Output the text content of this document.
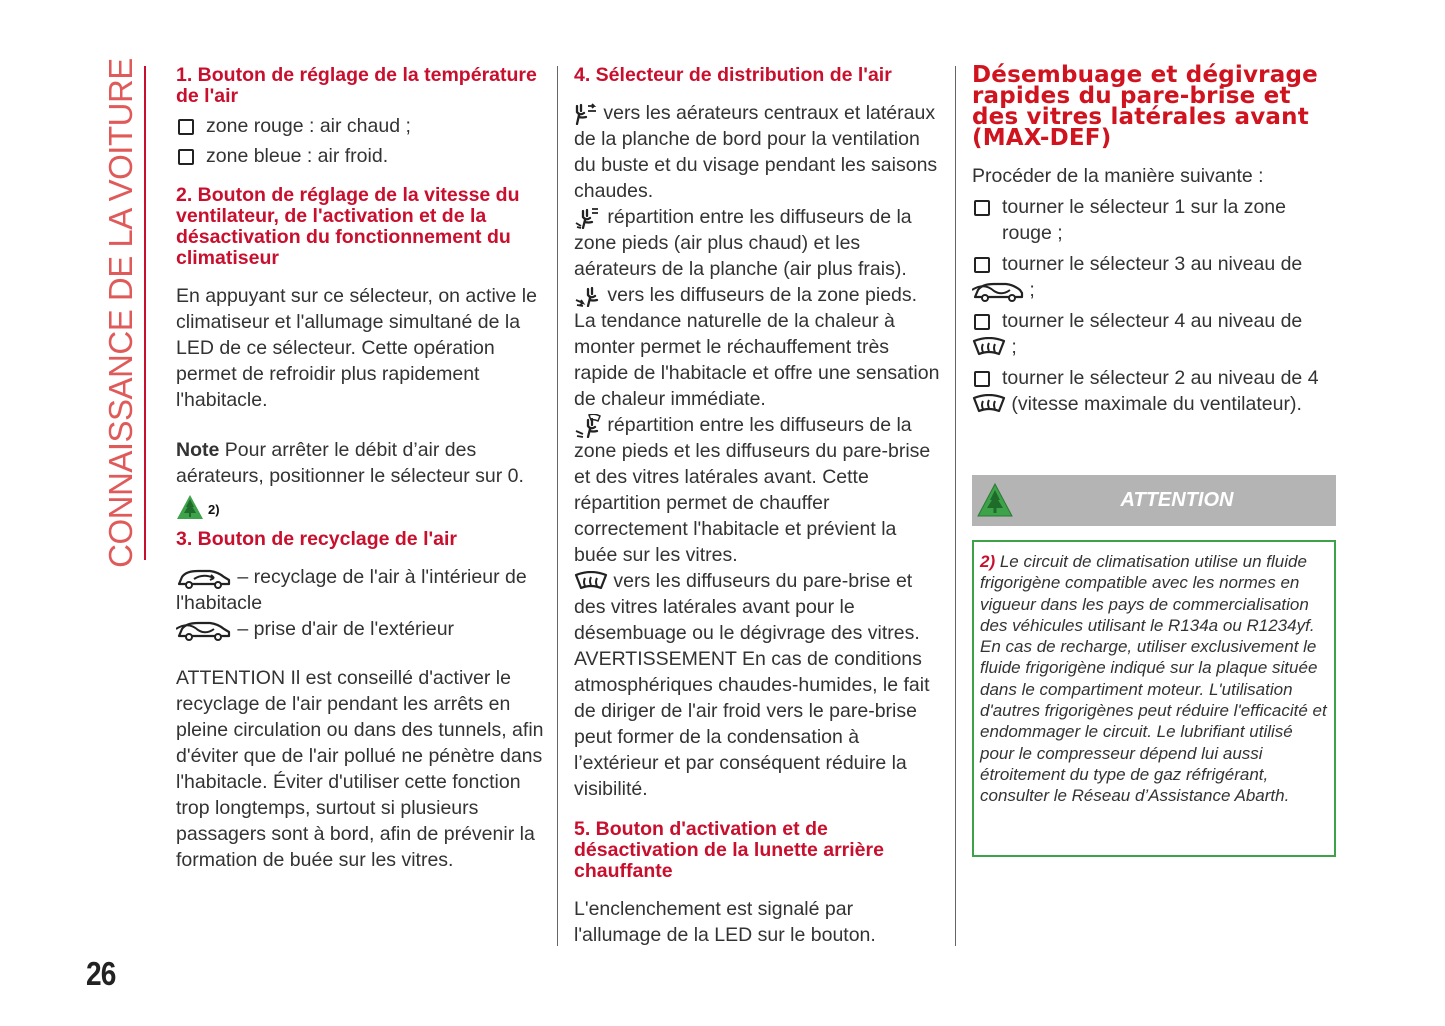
CONNAISSANCE DE LA VOITURE
26
1. Bouton de réglage de la température de l'air
zone rouge : air chaud ;
zone bleue : air froid.
2. Bouton de réglage de la vitesse du ventilateur, de l'activation et de la désactivation du fonctionnement du climatiseur

En appuyant sur ce sélecteur, on active le climatiseur et l'allumage simultané de la LED de ce sélecteur. Cette opération permet de refroidir plus rapidement l'habitacle.

Note Pour arrêter le débit d’air des aérateurs, positionner le sélecteur sur 0.

2)
3. Bouton de recyclage de l'air

– recyclage de l'air à l'intérieur de l'habitacle

– prise d'air de l'extérieur

ATTENTION Il est conseillé d'activer le recyclage de l'air pendant les arrêts en pleine circulation ou dans des tunnels, afin d'éviter que de l'air pollué ne pénètre dans l'habitacle. Éviter d'utiliser cette fonction trop longtemps, surtout si plusieurs passagers sont à bord, afin de prévenir la formation de buée sur les vitres.

4. Sélecteur de distribution de l'air

vers les aérateurs centraux et latéraux de la planche de bord pour la ventilation du buste et du visage pendant les saisons chaudes.

répartition entre les diffuseurs de la zone pieds (air plus chaud) et les aérateurs de la planche (air plus frais).

vers les diffuseurs de la zone pieds. La tendance naturelle de la chaleur à monter permet le réchauffement très rapide de l'habitacle et offre une sensation de chaleur immédiate.

répartition entre les diffuseurs de la zone pieds et les diffuseurs du pare-brise et des vitres latérales avant. Cette répartition permet de chauffer correctement l'habitacle et prévient la buée sur les vitres.

vers les diffuseurs du pare-brise et des vitres latérales avant pour le désembuage ou le dégivrage des vitres.

AVERTISSEMENT En cas de conditions atmosphériques chaudes-humides, le fait de diriger de l'air froid vers le pare-brise peut former de la condensation à l’extérieur et par conséquent réduire la visibilité.

5. Bouton d'activation et de désactivation de la lunette arrière chauffante

L'enclenchement est signalé par l'allumage de la LED sur le bouton.

Désembuage et dégivrage rapides du pare-brise et des vitres latérales avant (MAX-DEF)

Procéder de la manière suivante :

tourner le sélecteur 1 sur la zone rouge ;
tourner le sélecteur 3 au niveau de

;

tourner le sélecteur 4 au niveau de

;

tourner le sélecteur 2 au niveau de 4

(vitesse maximale du ventilateur).

ATTENTION
2) Le circuit de climatisation utilise un fluide frigorigène compatible avec les normes en vigueur dans les pays de commercialisation des véhicules utilisant le R134a ou R1234yf. En cas de recharge, utiliser exclusivement le fluide frigorigène indiqué sur la plaque située dans le compartiment moteur. L'utilisation d'autres frigorigènes peut réduire l'efficacité et endommager le circuit. Le lubrifiant utilisé pour le compresseur dépend lui aussi étroitement du type de gaz réfrigérant, consulter le Réseau d’Assistance Abarth.
